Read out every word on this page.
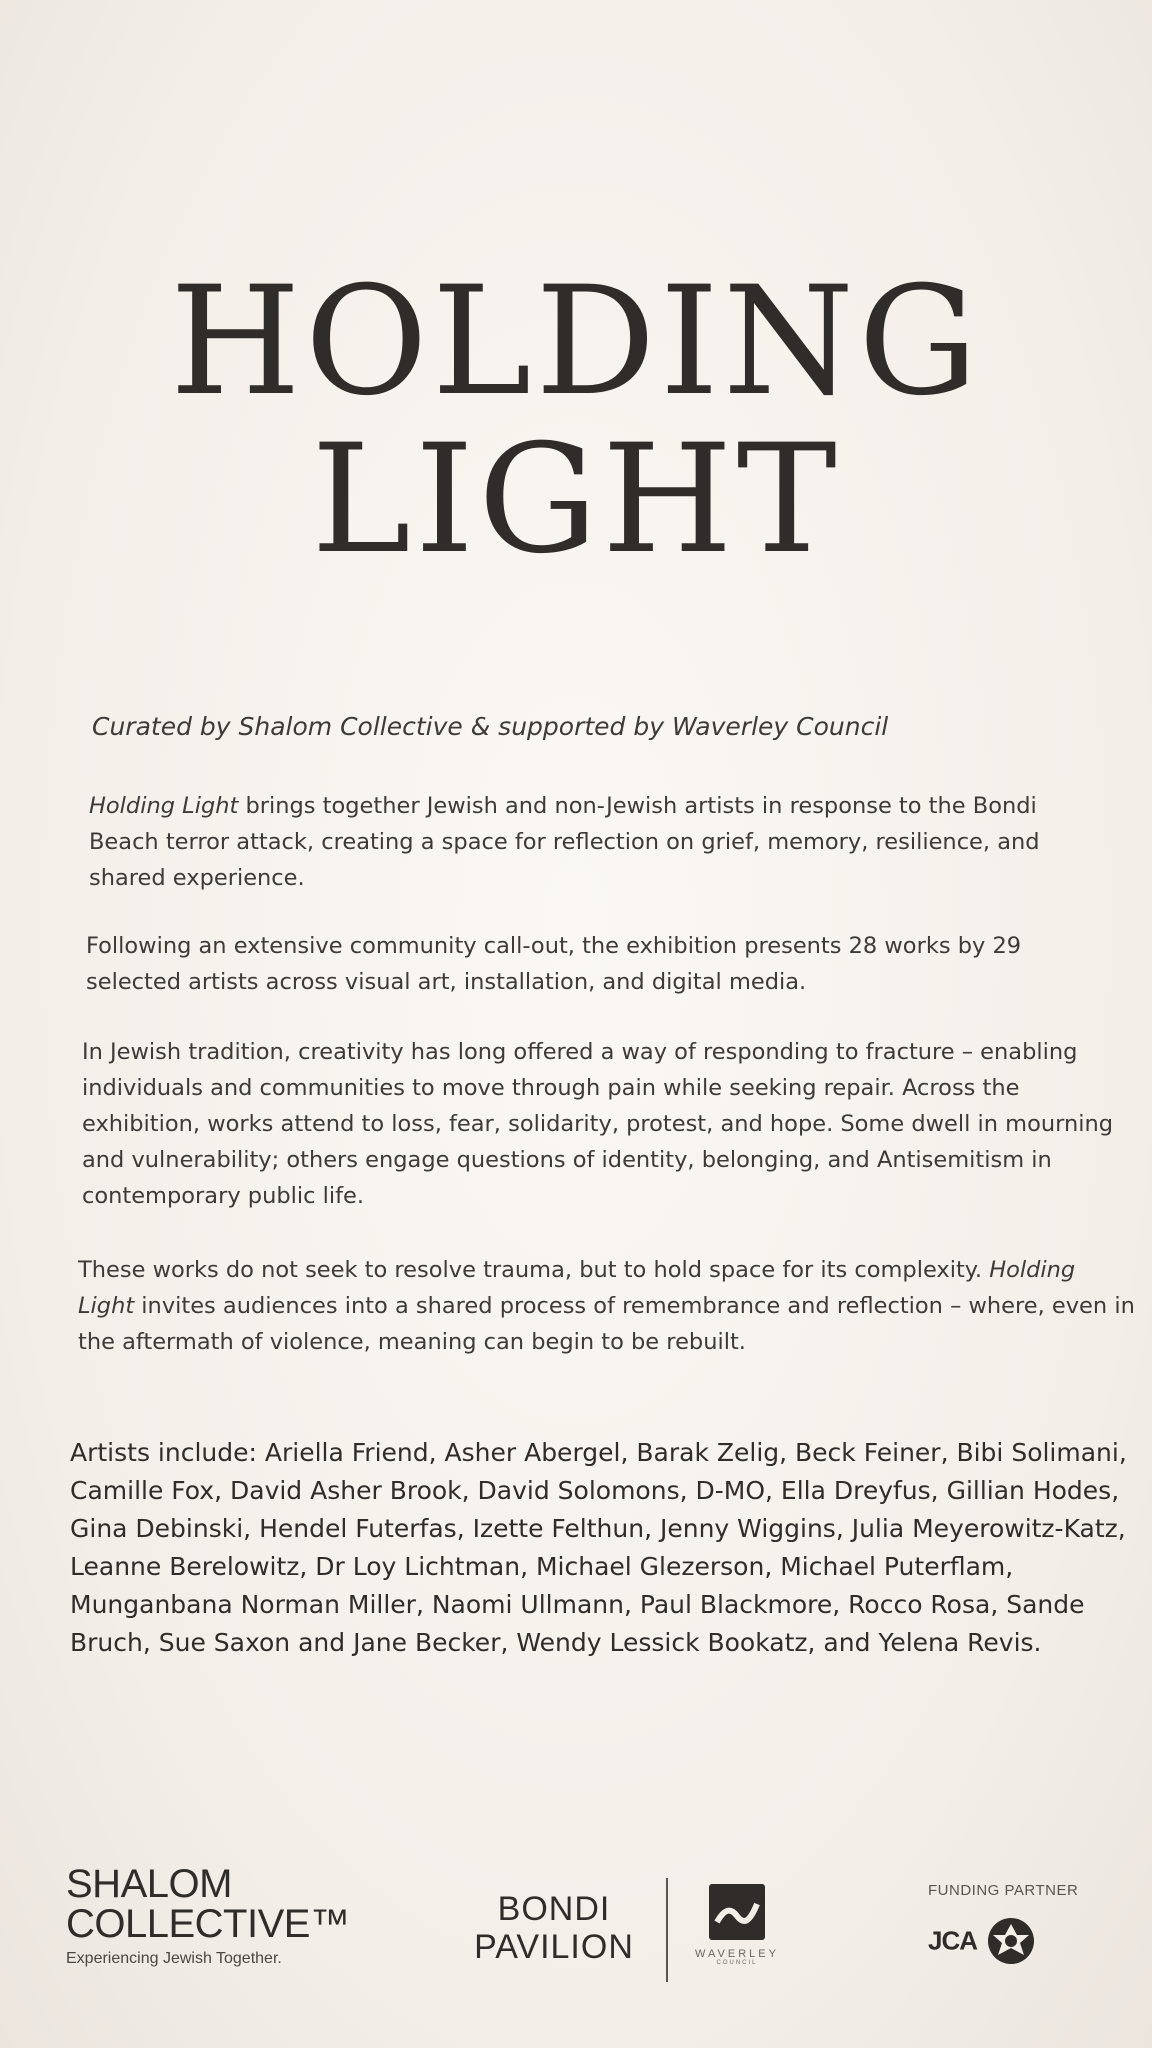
HOLDING
LIGHT

Curated by Shalom Collective & supported by Waverley Council

Holding Light brings together Jewish and non-Jewish artists in response to the Bondi Beach terror attack, creating a space for reflection on grief, memory, resilience, and shared experience.

Following an extensive community call-out, the exhibition presents 28 works by 29 selected artists across visual art, installation, and digital media.

In Jewish tradition, creativity has long offered a way of responding to fracture – enabling individuals and communities to move through pain while seeking repair. Across the exhibition, works attend to loss, fear, solidarity, protest, and hope. Some dwell in mourning and vulnerability; others engage questions of identity, belonging, and Antisemitism in contemporary public life.

These works do not seek to resolve trauma, but to hold space for its complexity. Holding Light invites audiences into a shared process of remembrance and reflection – where, even in the aftermath of violence, meaning can begin to be rebuilt.

Artists include: Ariella Friend, Asher Abergel, Barak Zelig, Beck Feiner, Bibi Solimani, Camille Fox, David Asher Brook, David Solomons, D-MO, Ella Dreyfus, Gillian Hodes, Gina Debinski, Hendel Futerfas, Izette Felthun, Jenny Wiggins, Julia Meyerowitz-Katz, Leanne Berelowitz, Dr Loy Lichtman, Michael Glezerson, Michael Puterflam, Munganbana Norman Miller, Naomi Ullmann, Paul Blackmore, Rocco Rosa, Sande Bruch, Sue Saxon and Jane Becker, Wendy Lessick Bookatz, and Yelena Revis.

SHALOM
COLLECTIVE™
Experiencing Jewish Together.
BONDI
PAVILION	WAVERLEY
COUNCIL
FUNDING PARTNER
JCA
